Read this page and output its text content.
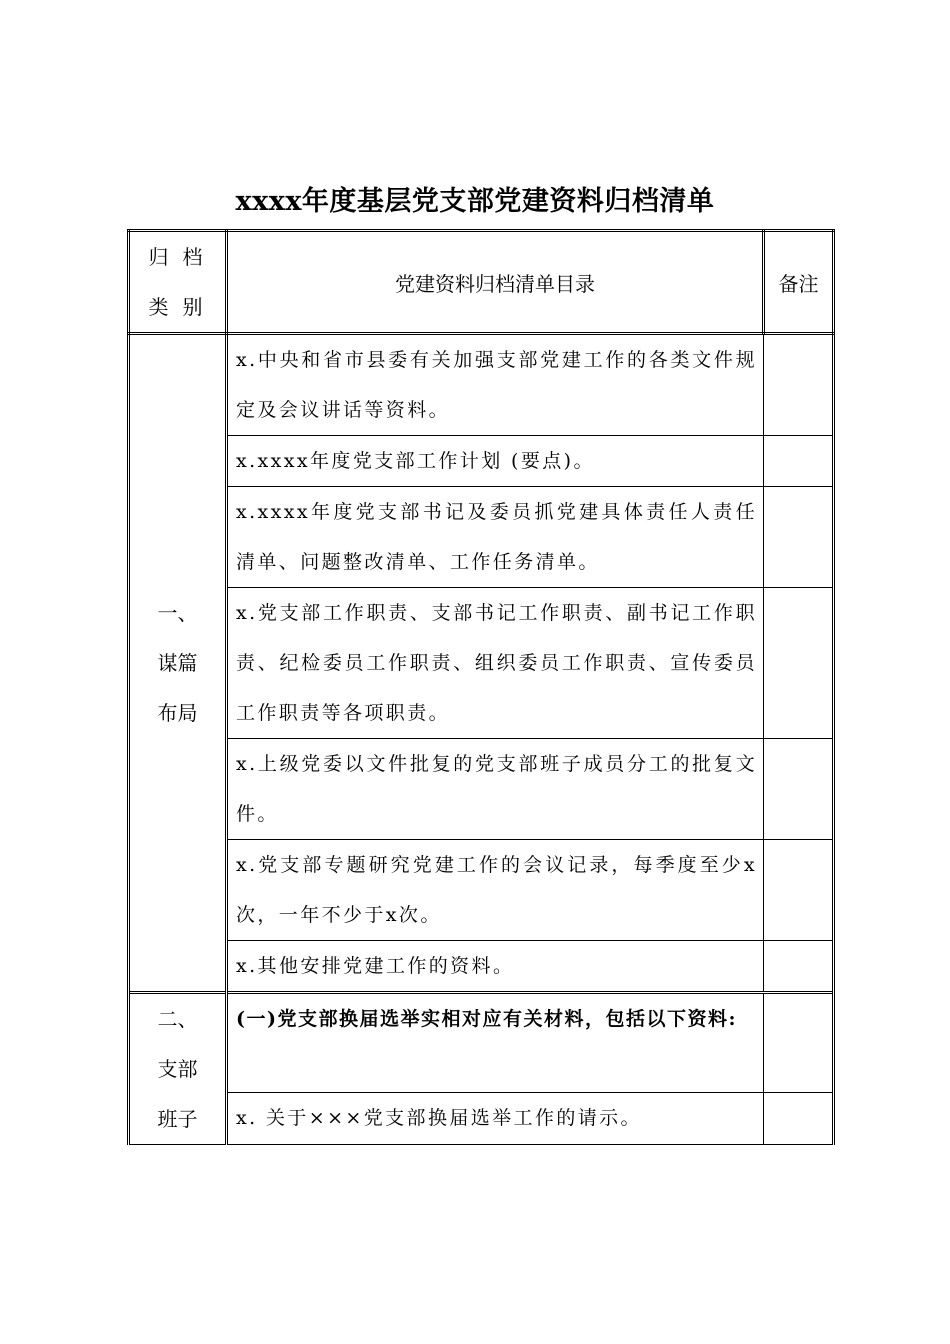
xxxx年度基层党支部党建资料归档清单
归档
类别	党建资料归档清单目录	备注

一、
谋篇
布局	x.中央和省市县委有关加强支部党建工作的各类文件规定及会议讲话等资料。	
	x.xxxx年度党支部工作计划 (要点)。	
	x.xxxx年度党支部书记及委员抓党建具体责任人责任清单、问题整改清单、工作任务清单。	
	x.党支部工作职责、支部书记工作职责、副书记工作职责、纪检委员工作职责、组织委员工作职责、宣传委员工作职责等各项职责。	
	x.上级党委以文件批复的党支部班子成员分工的批复文件。	
	x.党支部专题研究党建工作的会议记录，每季度至少x次，一年不少于x次。	
	x.其他安排党建工作的资料。	

二、
支部
班子	(一)党支部换届选举实相对应有关材料，包括以下资料:	
	x. 关于×××党支部换届选举工作的请示。	
